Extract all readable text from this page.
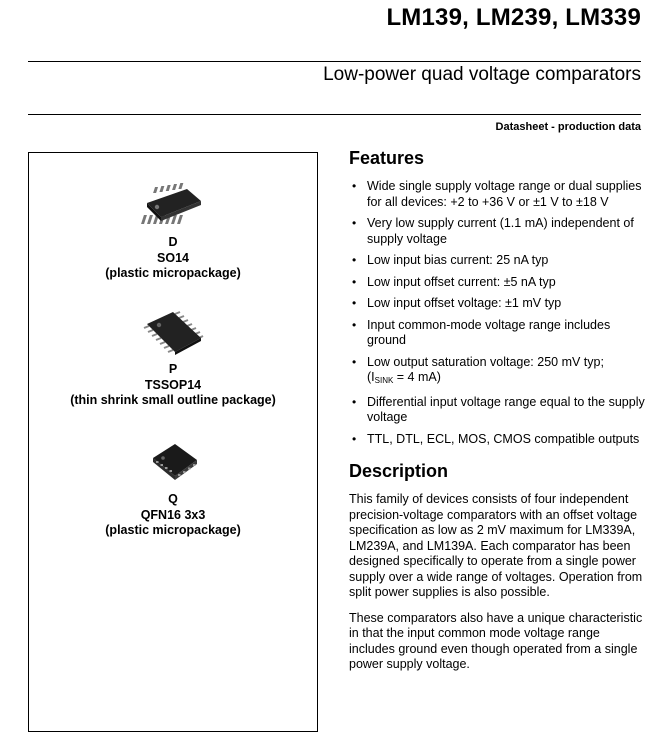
LM139, LM239, LM339
Low-power quad voltage comparators
Datasheet - production data
D
SO14
(plastic micropackage)
P
TSSOP14
(thin shrink small outline package)
Q
QFN16 3x3
(plastic micropackage)
Features
• Wide single supply voltage range or dual supplies for all devices: +2 to +36 V or ±1 V to ±18 V
• Very low supply current (1.1 mA) independent of supply voltage
• Low input bias current: 25 nA typ
• Low input offset current: ±5 nA typ
• Low input offset voltage: ±1 mV typ
• Input common-mode voltage range includes ground
• Low output saturation voltage: 250 mV typ;
($I_{SINK} = 4$ mA)
• Differential input voltage range equal to the supply voltage
• TTL, DTL, ECL, MOS, CMOS compatible outputs
Description

This family of devices consists of four independent precision-voltage comparators with an offset voltage specification as low as 2 mV maximum for LM339A, LM239A, and LM139A. Each comparator has been designed specifically to operate from a single power supply over a wide range of voltages. Operation from split power supplies is also possible.

These comparators also have a unique characteristic in that the input common mode voltage range includes ground even though operated from a single power supply voltage.
